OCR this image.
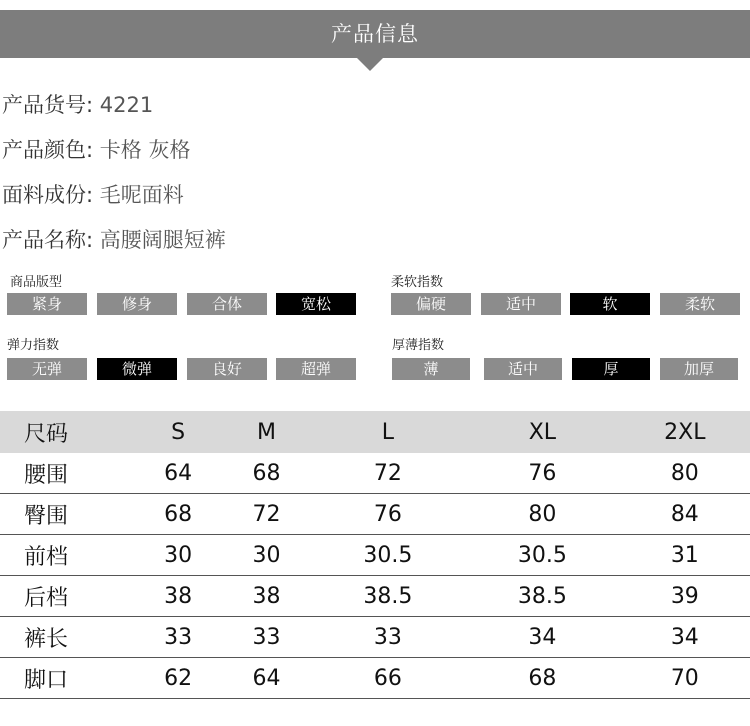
产品信息
产品货号: 4221
产品颜色: 卡格 灰格
面料成份: 毛呢面料
产品名称: 高腰阔腿短裤
商品版型
紧身	修身	合体	宽松
柔软指数
偏硬	适中	软	柔软
弹力指数
无弹	微弹	良好	超弹
厚薄指数
薄	适中	厚	加厚
尺码	S	M	L	XL	2XL
腰围	64	68	72	76	80
臀围	68	72	76	80	84
前档	30	30	30.5	30.5	31
后档	38	38	38.5	38.5	39
裤长	33	33	33	34	34
脚口	62	64	66	68	70
